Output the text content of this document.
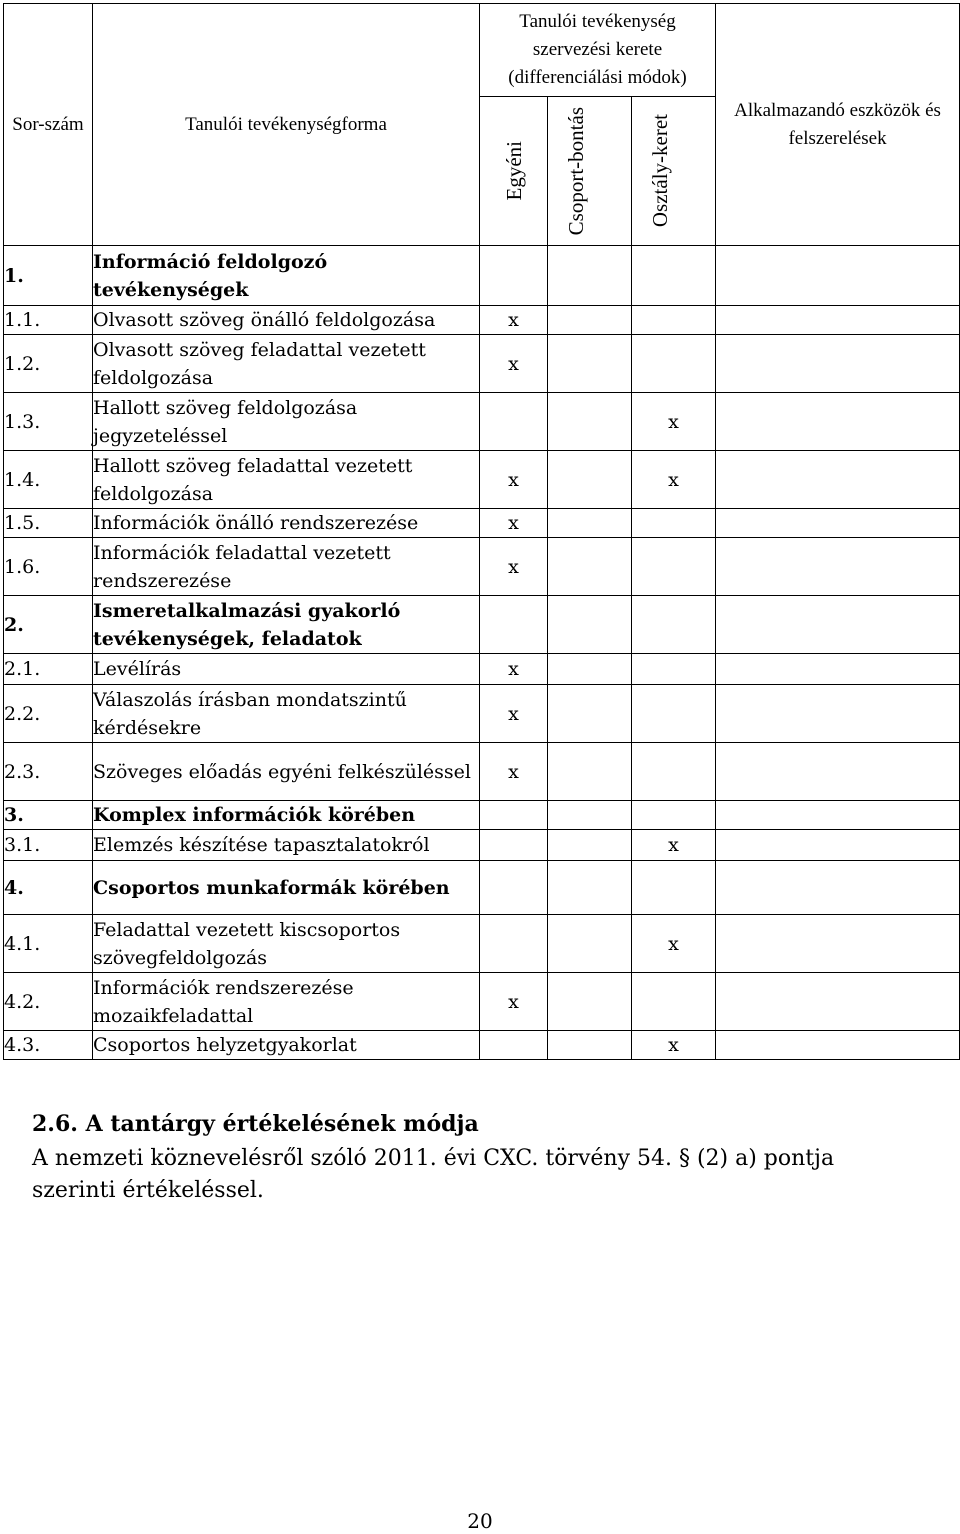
Sor-szám	Tanulói tevékenységforma	Tanulói tevékenység szervezési kerete (differenciálási módok)			Alkalmazandó eszközök és felszerelések

		Egyéni	Csoport-bontás	Osztály-keret	

1.	Információ feldolgozó tevékenységek				
1.1.	Olvasott szöveg önálló feldolgozása	x			
1.2.	Olvasott szöveg feladattal vezetett feldolgozása	x			
1.3.	Hallott szöveg feldolgozása jegyzeteléssel			x	
1.4.	Hallott szöveg feladattal vezetett feldolgozása	x		x	
1.5.	Információk önálló rendszerezése	x			
1.6.	Információk feladattal vezetett rendszerezése	x			
2.	Ismeretalkalmazási gyakorló tevékenységek, feladatok				
2.1.	Levélírás	x			
2.2.	Válaszolás írásban mondatszintű kérdésekre	x			
2.3.	Szöveges előadás egyéni felkészüléssel	x			
3.	Komplex információk körében				
3.1.	Elemzés készítése tapasztalatokról			x	
4.	Csoportos munkaformák körében				
4.1.	Feladattal vezetett kiscsoportos szövegfeldolgozás			x	
4.2.	Információk rendszerezése mozaikfeladattal	x			
4.3.	Csoportos helyzetgyakorlat			x	
2.6. A tantárgy értékelésének módja

A nemzeti köznevelésről szóló 2011. évi CXC. törvény 54. § (2) a) pontja szerinti értékeléssel.

20
